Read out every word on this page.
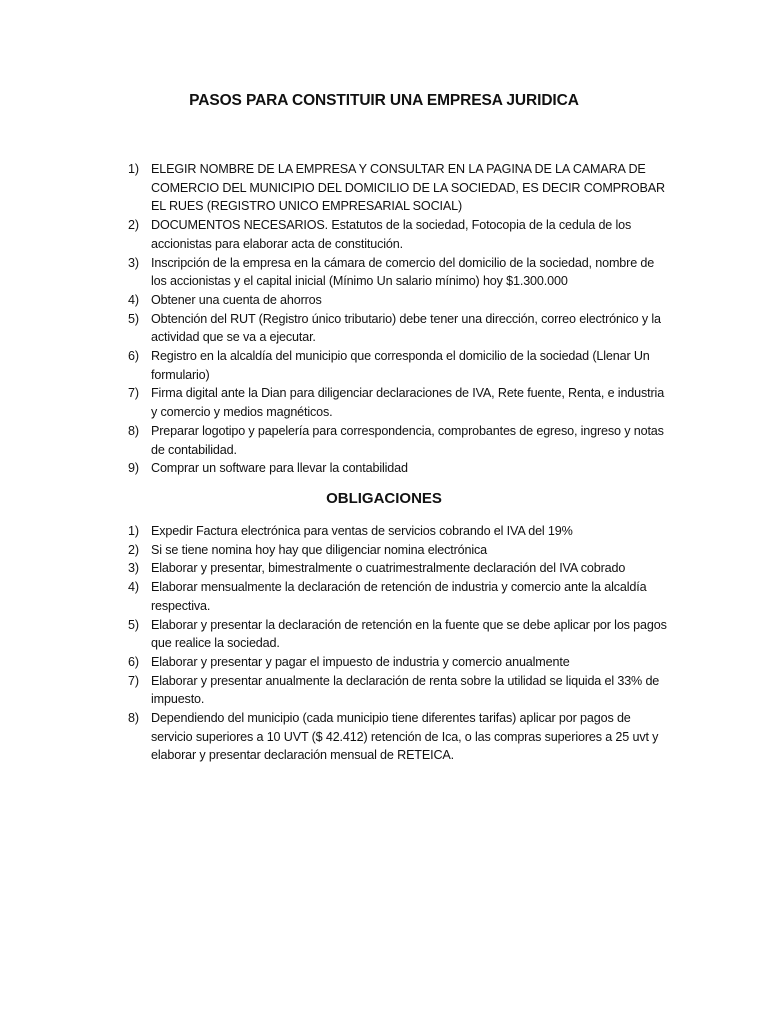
PASOS PARA CONSTITUIR UNA EMPRESA JURIDICA
1) ELEGIR NOMBRE DE LA EMPRESA Y CONSULTAR EN LA PAGINA DE LA CAMARA DE COMERCIO DEL MUNICIPIO DEL DOMICILIO DE LA SOCIEDAD, ES DECIR COMPROBAR EL RUES (REGISTRO UNICO EMPRESARIAL SOCIAL)
2) DOCUMENTOS NECESARIOS. Estatutos de la sociedad, Fotocopia de la cedula de los accionistas para elaborar acta de constitución.
3) Inscripción de la empresa en la cámara de comercio del domicilio de la sociedad, nombre de los accionistas y el capital inicial (Mínimo Un salario mínimo) hoy $1.300.000
4) Obtener una cuenta de ahorros
5) Obtención del RUT (Registro único tributario) debe tener una dirección, correo electrónico y la actividad que se va a ejecutar.
6) Registro en la alcaldía del municipio que corresponda el domicilio de la sociedad (Llenar Un formulario)
7) Firma digital ante la Dian para diligenciar declaraciones de IVA, Rete fuente, Renta, e industria y comercio y medios magnéticos.
8) Preparar logotipo y papelería para correspondencia, comprobantes de egreso, ingreso y notas de contabilidad.
9) Comprar un software para llevar la contabilidad
OBLIGACIONES
1) Expedir Factura electrónica para ventas de servicios cobrando el IVA del 19%
2) Si se tiene nomina hoy hay que diligenciar nomina electrónica
3) Elaborar y presentar, bimestralmente o cuatrimestralmente declaración del IVA cobrado
4) Elaborar mensualmente la declaración de retención de industria y comercio ante la alcaldía respectiva.
5) Elaborar y presentar la declaración de retención en la fuente que se debe aplicar por los pagos que realice la sociedad.
6) Elaborar y presentar y pagar el impuesto de industria y comercio anualmente
7) Elaborar y presentar anualmente la declaración de renta sobre la utilidad se liquida el 33% de impuesto.
8) Dependiendo del municipio (cada municipio tiene diferentes tarifas) aplicar por pagos de servicio superiores a 10 UVT ($ 42.412) retención de Ica, o las compras superiores a 25 uvt y elaborar y presentar declaración mensual de RETEICA.
